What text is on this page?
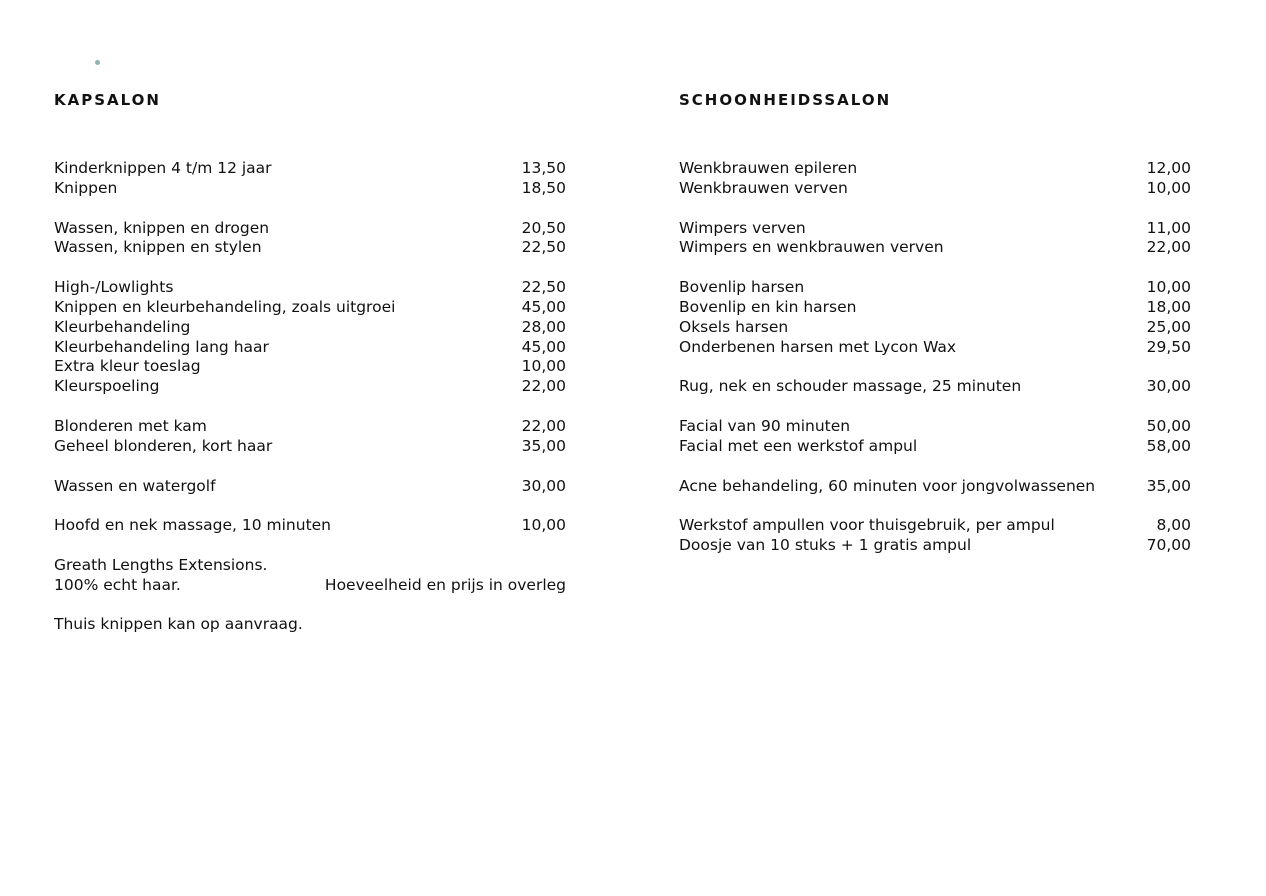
KAPSALON
Kinderknippen 4 t/m 12 jaar	13,50
Knippen	18,50
Wassen, knippen en drogen	20,50
Wassen, knippen en stylen	22,50
High-/Lowlights	22,50
Knippen en kleurbehandeling, zoals uitgroei	45,00
Kleurbehandeling	28,00
Kleurbehandeling lang haar	45,00
Extra kleur toeslag	10,00
Kleurspoeling	22,00
Blonderen met kam	22,00
Geheel blonderen, kort haar	35,00
Wassen en watergolf	30,00
Hoofd en nek massage, 10 minuten	10,00
Greath Lengths Extensions.
100% echt haar.	Hoeveelheid en prijs in overleg
Thuis knippen kan op aanvraag.
SCHOONHEIDSSALON
Wenkbrauwen epileren	12,00
Wenkbrauwen verven	10,00
Wimpers verven	11,00
Wimpers en wenkbrauwen verven	22,00
Bovenlip harsen	10,00
Bovenlip en kin harsen	18,00
Oksels harsen	25,00
Onderbenen harsen met Lycon Wax	29,50
Rug, nek en schouder massage, 25 minuten	30,00
Facial van 90 minuten	50,00
Facial met een werkstof ampul	58,00
Acne behandeling, 60 minuten voor jongvolwassenen	35,00
Werkstof ampullen voor thuisgebruik, per ampul	8,00
Doosje van 10 stuks + 1 gratis ampul	70,00
